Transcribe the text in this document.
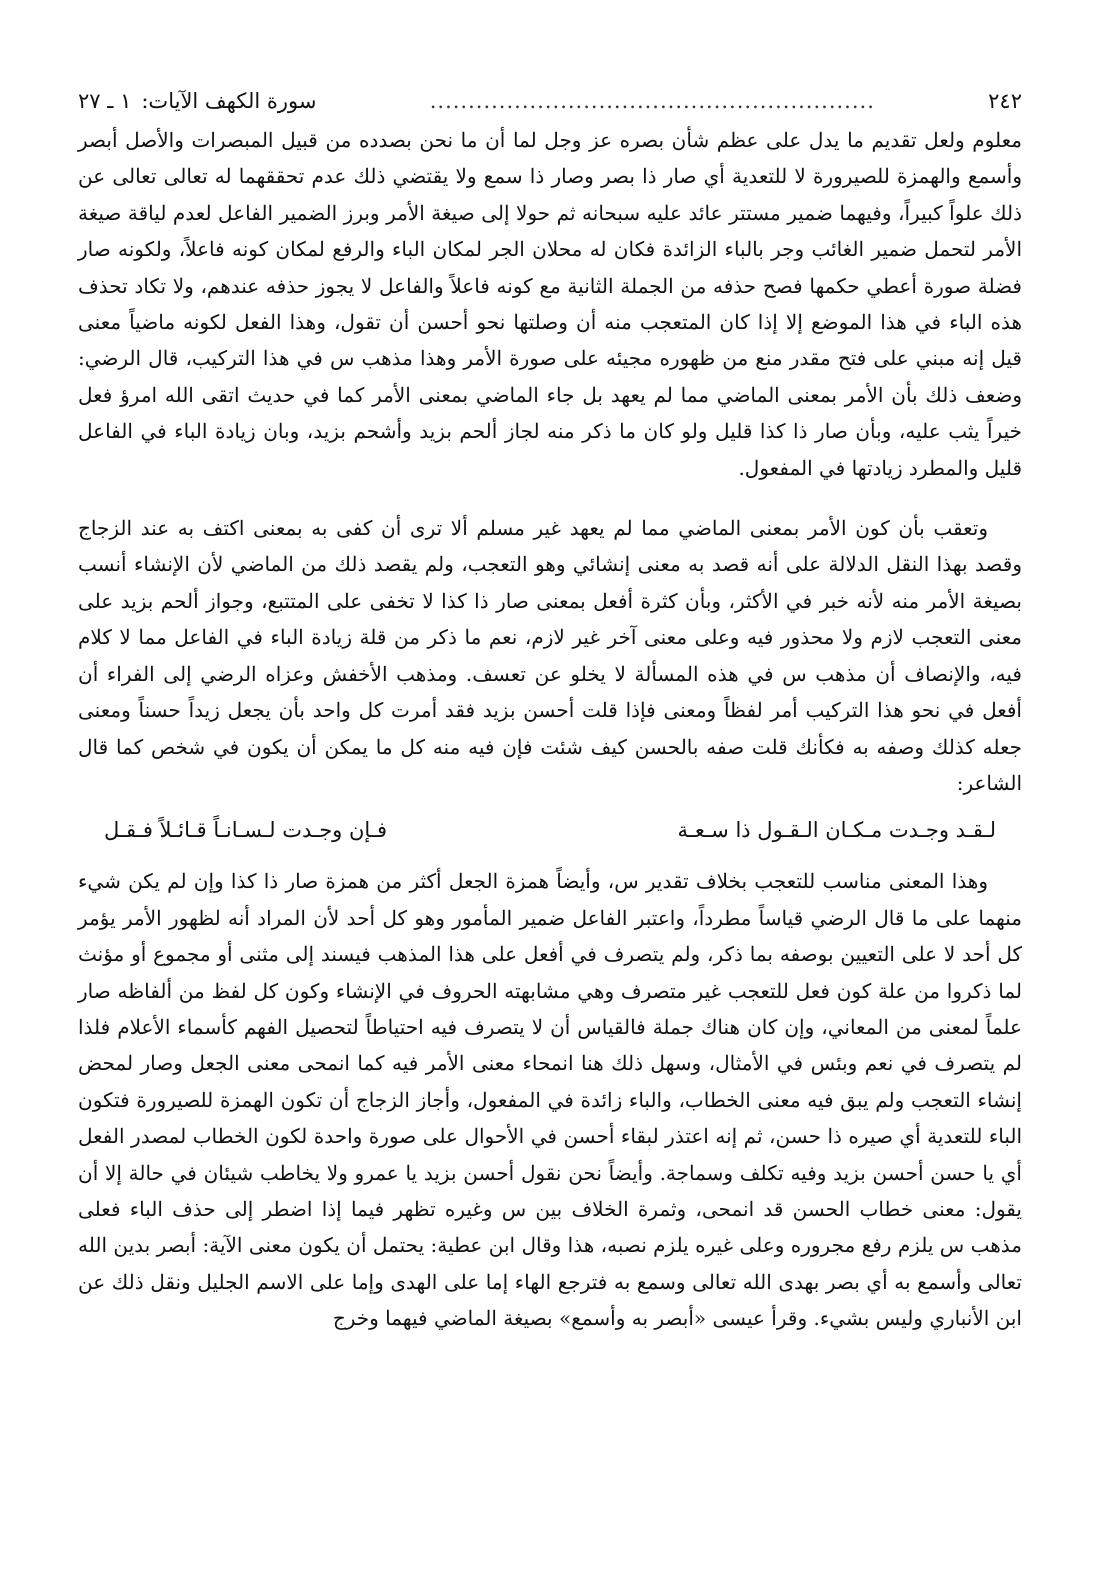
٢٤٢
..........................................................
سورة الكهف الآيات:
١ ـ ٢٧

معلوم ولعل تقديم ما يدل على عظم شأن بصره عز وجل لما أن ما نحن بصدده من قبيل المبصرات والأصل أبصر وأسمع والهمزة للصيرورة لا للتعدية أي صار ذا بصر وصار ذا سمع ولا يقتضي ذلك عدم تحققهما له تعالى تعالى عن ذلك علواً كبيراً، وفيهما ضمير مستتر عائد عليه سبحانه ثم حولا إلى صيغة الأمر وبرز الضمير الفاعل لعدم لياقة صيغة الأمر لتحمل ضمير الغائب وجر بالباء الزائدة فكان له محلان الجر لمكان الباء والرفع لمكان كونه فاعلاً، ولكونه صار فضلة صورة أعطي حكمها فصح حذفه من الجملة الثانية مع كونه فاعلاً والفاعل لا يجوز حذفه عندهم، ولا تكاد تحذف هذه الباء في هذا الموضع إلا إذا كان المتعجب منه أن وصلتها نحو أحسن أن تقول، وهذا الفعل لكونه ماضياً معنى قيل إنه مبني على فتح مقدر منع من ظهوره مجيئه على صورة الأمر وهذا مذهب س في هذا التركيب، قال الرضي: وضعف ذلك بأن الأمر بمعنى الماضي مما لم يعهد بل جاء الماضي بمعنى الأمر كما في حديث اتقى الله امرؤ فعل خيراً يثب عليه، وبأن صار ذا كذا قليل ولو كان ما ذكر منه لجاز ألحم بزيد وأشحم بزيد، وبان زيادة الباء في الفاعل قليل والمطرد زيادتها في المفعول.

وتعقب بأن كون الأمر بمعنى الماضي مما لم يعهد غير مسلم ألا ترى أن كفى به بمعنى اكتف به عند الزجاج وقصد بهذا النقل الدلالة على أنه قصد به معنى إنشائي وهو التعجب، ولم يقصد ذلك من الماضي لأن الإنشاء أنسب بصيغة الأمر منه لأنه خبر في الأكثر، وبأن كثرة أفعل بمعنى صار ذا كذا لا تخفى على المتتبع، وجواز ألحم بزيد على معنى التعجب لازم ولا محذور فيه وعلى معنى آخر غير لازم، نعم ما ذكر من قلة زيادة الباء في الفاعل مما لا كلام فيه، والإنصاف أن مذهب س في هذه المسألة لا يخلو عن تعسف. ومذهب الأخفش وعزاه الرضي إلى الفراء أن أفعل في نحو هذا التركيب أمر لفظاً ومعنى فإذا قلت أحسن بزيد فقد أمرت كل واحد بأن يجعل زيداً حسناً ومعنى جعله كذلك وصفه به فكأنك قلت صفه بالحسن كيف شئت فإن فيه منه كل ما يمكن أن يكون في شخص كما قال الشاعر:

لـقـد وجـدت مـكـان الـقـول ذا سـعـة
فـإن وجـدت لـسـانـاً قـائـلاً فـقـل

وهذا المعنى مناسب للتعجب بخلاف تقدير س، وأيضاً همزة الجعل أكثر من همزة صار ذا كذا وإن لم يكن شيء منهما على ما قال الرضي قياساً مطرداً، واعتبر الفاعل ضمير المأمور وهو كل أحد لأن المراد أنه لظهور الأمر يؤمر كل أحد لا على التعيين بوصفه بما ذكر، ولم يتصرف في أفعل على هذا المذهب فيسند إلى مثنى أو مجموع أو مؤنث لما ذكروا من علة كون فعل للتعجب غير متصرف وهي مشابهته الحروف في الإنشاء وكون كل لفظ من ألفاظه صار علماً لمعنى من المعاني، وإن كان هناك جملة فالقياس أن لا يتصرف فيه احتياطاً لتحصيل الفهم كأسماء الأعلام فلذا لم يتصرف في نعم وبئس في الأمثال، وسهل ذلك هنا انمحاء معنى الأمر فيه كما انمحى معنى الجعل وصار لمحض إنشاء التعجب ولم يبق فيه معنى الخطاب، والباء زائدة في المفعول، وأجاز الزجاج أن تكون الهمزة للصيرورة فتكون الباء للتعدية أي صيره ذا حسن، ثم إنه اعتذر لبقاء أحسن في الأحوال على صورة واحدة لكون الخطاب لمصدر الفعل أي يا حسن أحسن بزيد وفيه تكلف وسماجة. وأيضاً نحن نقول أحسن بزيد يا عمرو ولا يخاطب شيئان في حالة إلا أن يقول: معنى خطاب الحسن قد انمحى، وثمرة الخلاف بين س وغيره تظهر فيما إذا اضطر إلى حذف الباء فعلى مذهب س يلزم رفع مجروره وعلى غيره يلزم نصبه، هذا وقال ابن عطية: يحتمل أن يكون معنى الآية: أبصر بدين الله تعالى وأسمع به أي بصر بهدى الله تعالى وسمع به فترجع الهاء إما على الهدى وإما على الاسم الجليل ونقل ذلك عن ابن الأنباري وليس بشيء. وقرأ عيسى «أبصر به وأسمع» بصيغة الماضي فيهما وخرج
